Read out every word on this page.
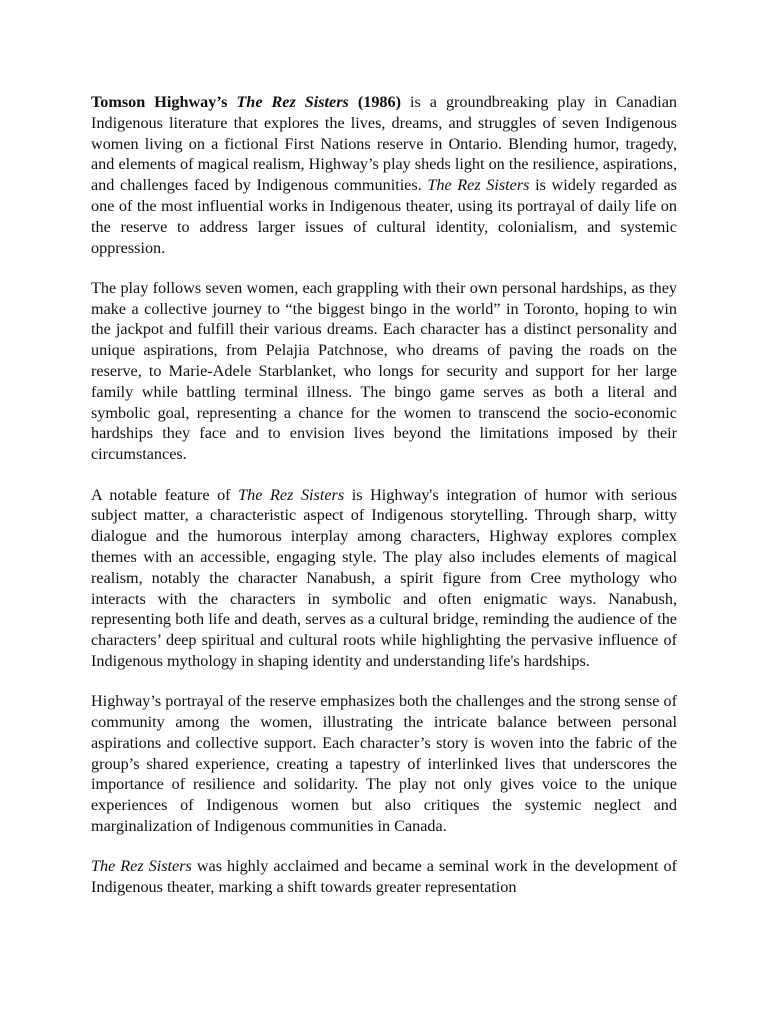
Tomson Highway’s The Rez Sisters (1986) is a groundbreaking play in Canadian Indigenous literature that explores the lives, dreams, and struggles of seven Indigenous women living on a fictional First Nations reserve in Ontario. Blending humor, tragedy, and elements of magical realism, Highway’s play sheds light on the resilience, aspirations, and challenges faced by Indigenous communities. The Rez Sisters is widely regarded as one of the most influential works in Indigenous theater, using its portrayal of daily life on the reserve to address larger issues of cultural identity, colonialism, and systemic oppression.

The play follows seven women, each grappling with their own personal hardships, as they make a collective journey to “the biggest bingo in the world” in Toronto, hoping to win the jackpot and fulfill their various dreams. Each character has a distinct personality and unique aspirations, from Pelajia Patchnose, who dreams of paving the roads on the reserve, to Marie-Adele Starblanket, who longs for security and support for her large family while battling terminal illness. The bingo game serves as both a literal and symbolic goal, representing a chance for the women to transcend the socio-economic hardships they face and to envision lives beyond the limitations imposed by their circumstances.

A notable feature of The Rez Sisters is Highway's integration of humor with serious subject matter, a characteristic aspect of Indigenous storytelling. Through sharp, witty dialogue and the humorous interplay among characters, Highway explores complex themes with an accessible, engaging style. The play also includes elements of magical realism, notably the character Nanabush, a spirit figure from Cree mythology who interacts with the characters in symbolic and often enigmatic ways. Nanabush, representing both life and death, serves as a cultural bridge, reminding the audience of the characters’ deep spiritual and cultural roots while highlighting the pervasive influence of Indigenous mythology in shaping identity and understanding life's hardships.

Highway’s portrayal of the reserve emphasizes both the challenges and the strong sense of community among the women, illustrating the intricate balance between personal aspirations and collective support. Each character’s story is woven into the fabric of the group’s shared experience, creating a tapestry of interlinked lives that underscores the importance of resilience and solidarity. The play not only gives voice to the unique experiences of Indigenous women but also critiques the systemic neglect and marginalization of Indigenous communities in Canada.

The Rez Sisters was highly acclaimed and became a seminal work in the development of Indigenous theater, marking a shift towards greater representation
